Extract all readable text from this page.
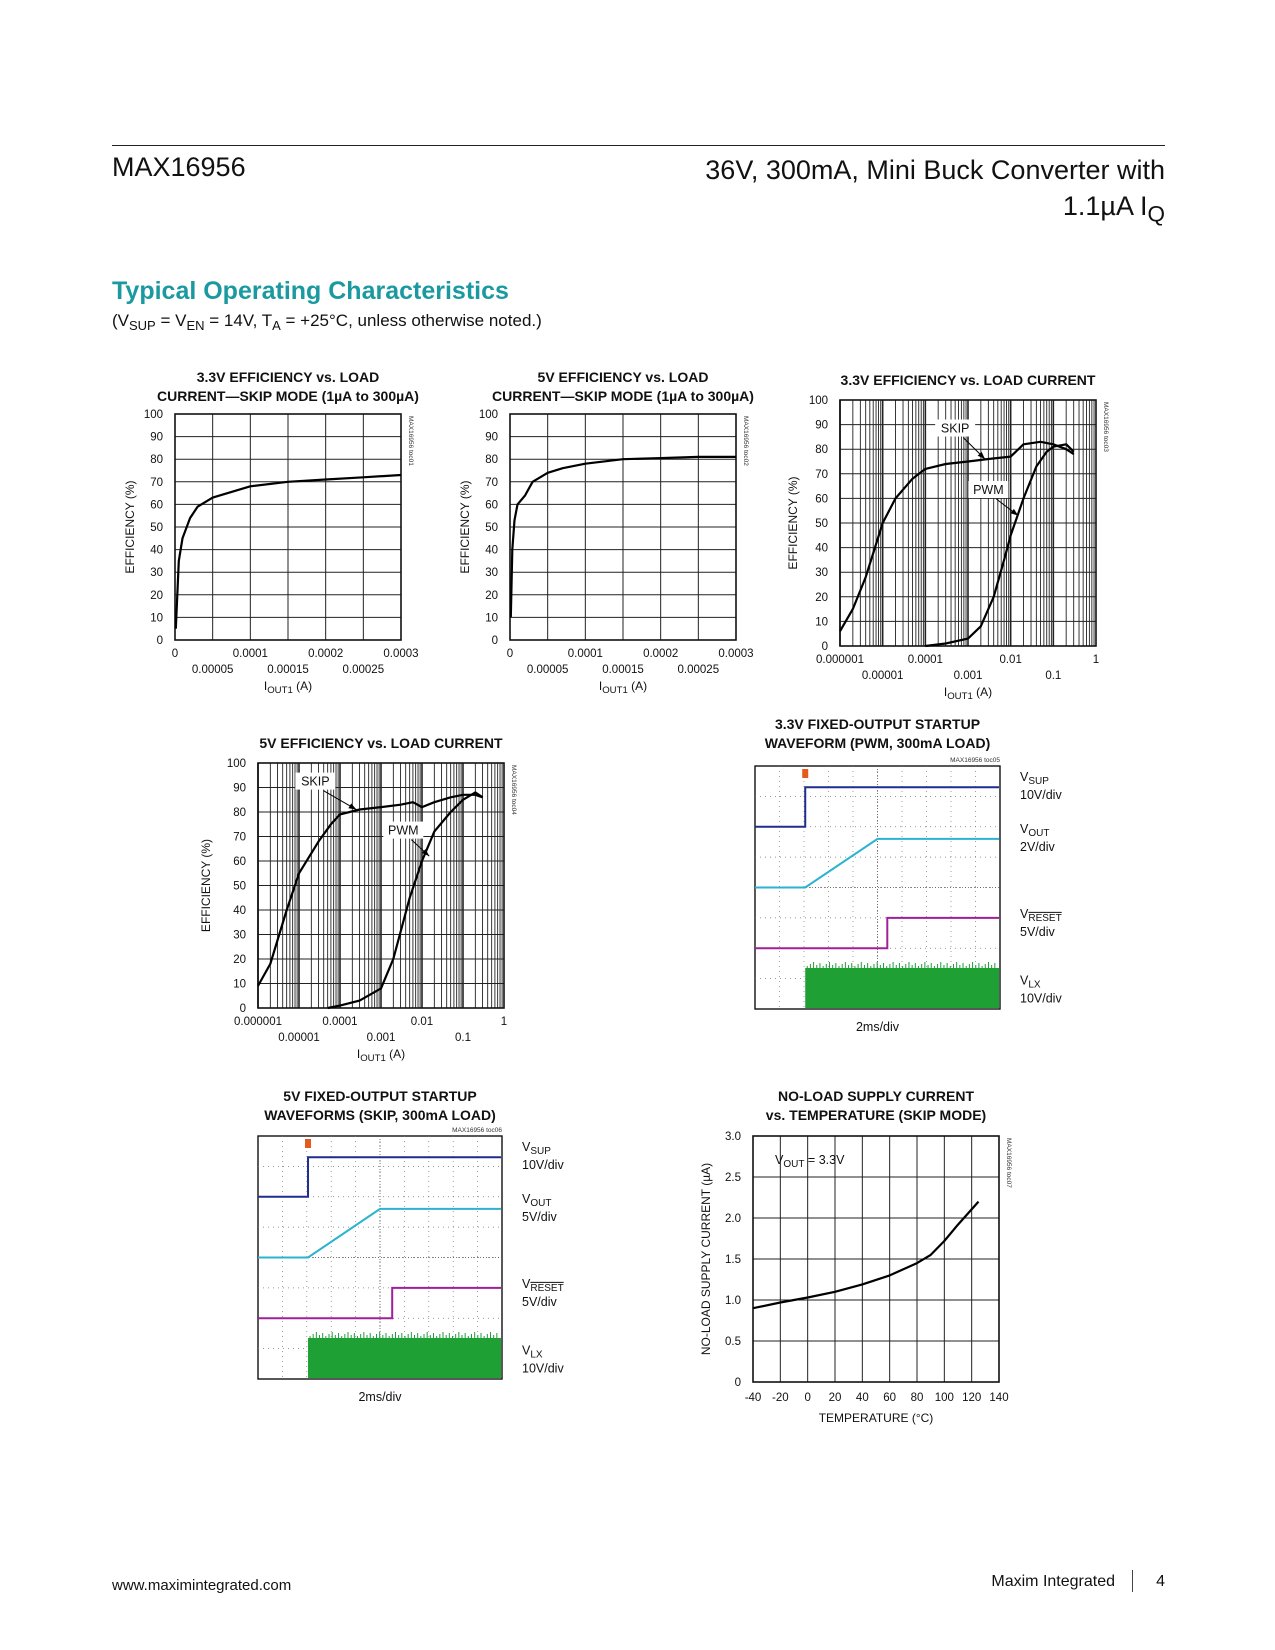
MAX16956	36V, 300mA, Mini Buck Converter with
1.1µA $I_Q$
Typical Operating Characteristics
($V_{SUP} = V_{EN} = 14V$, $T_A = +25^\circ C$, unless otherwise noted.)
3.3V EFFICIENCY vs. LOAD
CURRENT—SKIP MODE (1µA to 300µA)
0
10
20
30
40
50
60
70
80
90
100
0	0.0001	0.0002	0.0003
0.00005	0.00015	0.00025
$I_{OUT1}$ (A)
EFFICIENCY (%)
MAX16956 toc01
5V EFFICIENCY vs. LOAD
CURRENT—SKIP MODE (1µA to 300µA)
0
10
20
30
40
50
60
70
80
90
100
0	0.0001	0.0002	0.0003
0.00005	0.00015	0.00025
$I_{OUT1}$ (A)
EFFICIENCY (%)
MAX16956 toc02
3.3V EFFICIENCY vs. LOAD CURRENT
0
10
20
30
40
50
60
70
80
90
100
0.000001	0.0001	0.01	1
0.00001	0.001	0.1
$I_{OUT1}$ (A)
EFFICIENCY (%)
MAX16956 toc03
SKIP
PWM
5V EFFICIENCY vs. LOAD CURRENT
0
10
20
30
40
50
60
70
80
90
100
0.000001	0.0001	0.01	1
0.00001	0.001	0.1
$I_{OUT1}$ (A)
EFFICIENCY (%)
MAX16956 toc04
SKIP
PWM
3.3V FIXED-OUTPUT STARTUP
WAVEFORM (PWM, 300mA LOAD)
MAX16956 toc05
$V_{SUP}$
10V/div
$V_{OUT}$
2V/div
$V_{RESET}$
5V/div
$V_{LX}$
10V/div
2ms/div
5V FIXED-OUTPUT STARTUP
WAVEFORMS (SKIP, 300mA LOAD)
MAX16956 toc06
$V_{SUP}$
10V/div
$V_{OUT}$
5V/div
$V_{RESET}$
5V/div
$V_{LX}$
10V/div
2ms/div
NO-LOAD SUPPLY CURRENT
vs. TEMPERATURE (SKIP MODE)
0
0.5
1.0
1.5
2.0
2.5
3.0
-40 -20 0 20 40 60 80 100 120 140
TEMPERATURE (°C)
NO-LOAD SUPPLY CURRENT (µA)	MAX16956 toc07
$V_{OUT} = 3.3V$
www.maximintegrated.com	Maxim Integrated	4
